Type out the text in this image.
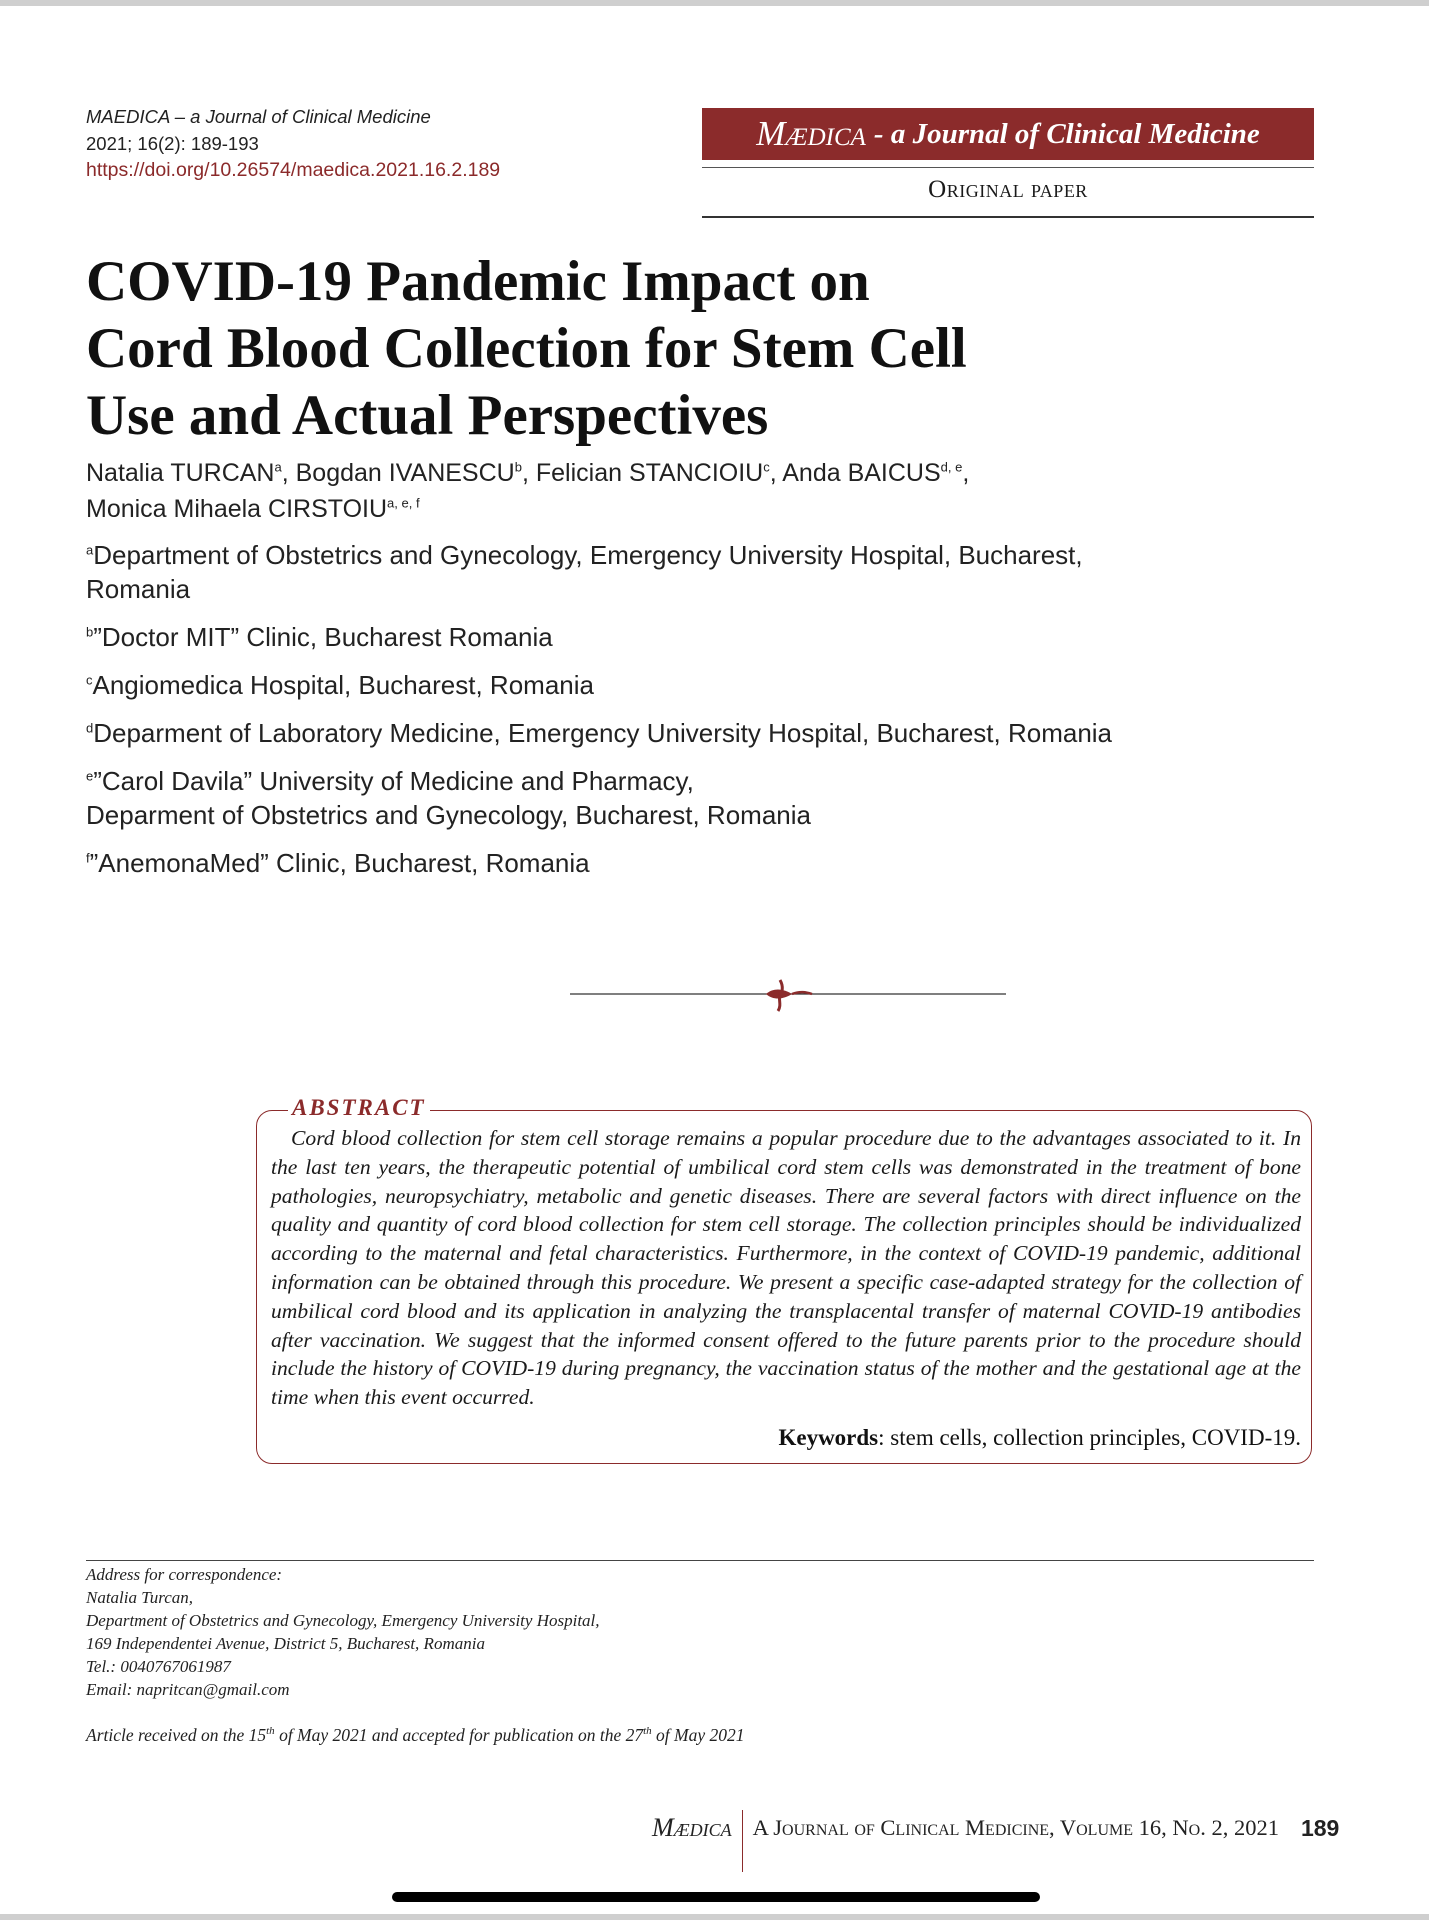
MAEDICA – a Journal of Clinical Medicine
2021; 16(2): 189-193
https://doi.org/10.26574/maedica.2021.16.2.189
Mædica - a Journal of Clinical Medicine
Original paper
COVID-19 Pandemic Impact on
Cord Blood Collection for Stem Cell
Use and Actual Perspectives
Natalia TURCAN$^a$, Bogdan IVANESCU$^b$, Felician STANCIOIU$^c$, Anda BAICUS$^{d, e}$,
Monica Mihaela CIRSTOIU$^{a, e, f}$
$^a$Department of Obstetrics and Gynecology, Emergency University Hospital, Bucharest,
Romania
$^b$”Doctor MIT” Clinic, Bucharest Romania
$^c$Angiomedica Hospital, Bucharest, Romania
$^d$Deparment of Laboratory Medicine, Emergency University Hospital, Bucharest, Romania
$^e$”Carol Davila” University of Medicine and Pharmacy,
Deparment of Obstetrics and Gynecology, Bucharest, Romania
$^f$”AnemonaMed” Clinic, Bucharest, Romania
ABSTRACT
Cord blood collection for stem cell storage remains a popular procedure due to the advantages associated to it. In the last ten years, the therapeutic potential of umbilical cord stem cells was demonstrated in the treatment of bone pathologies, neuropsychiatry, metabolic and genetic diseases. There are several factors with direct influence on the quality and quantity of cord blood collection for stem cell storage. The collection principles should be individualized according to the maternal and fetal characteristics. Furthermore, in the context of COVID-19 pandemic, additional information can be obtained through this procedure. We present a specific case-adapted strategy for the collection of umbilical cord blood and its application in analyzing the transplacental transfer of maternal COVID-19 antibodies after vaccination. We suggest that the informed consent offered to the future parents prior to the procedure should include the history of COVID-19 during pregnancy, the vaccination status of the mother and the gestational age at the time when this event occurred.
Keywords: stem cells, collection principles, COVID-19.
Address for correspondence:
Natalia Turcan,
Department of Obstetrics and Gynecology, Emergency University Hospital,
169 Independentei Avenue, District 5, Bucharest, Romania
Tel.: 0040767061987
Email: napritcan@gmail.com
Article received on the 15th of May 2021 and accepted for publication on the 27th of May 2021
Mædica A Journal of Clinical Medicine, Volume 16, No. 2, 2021 189
